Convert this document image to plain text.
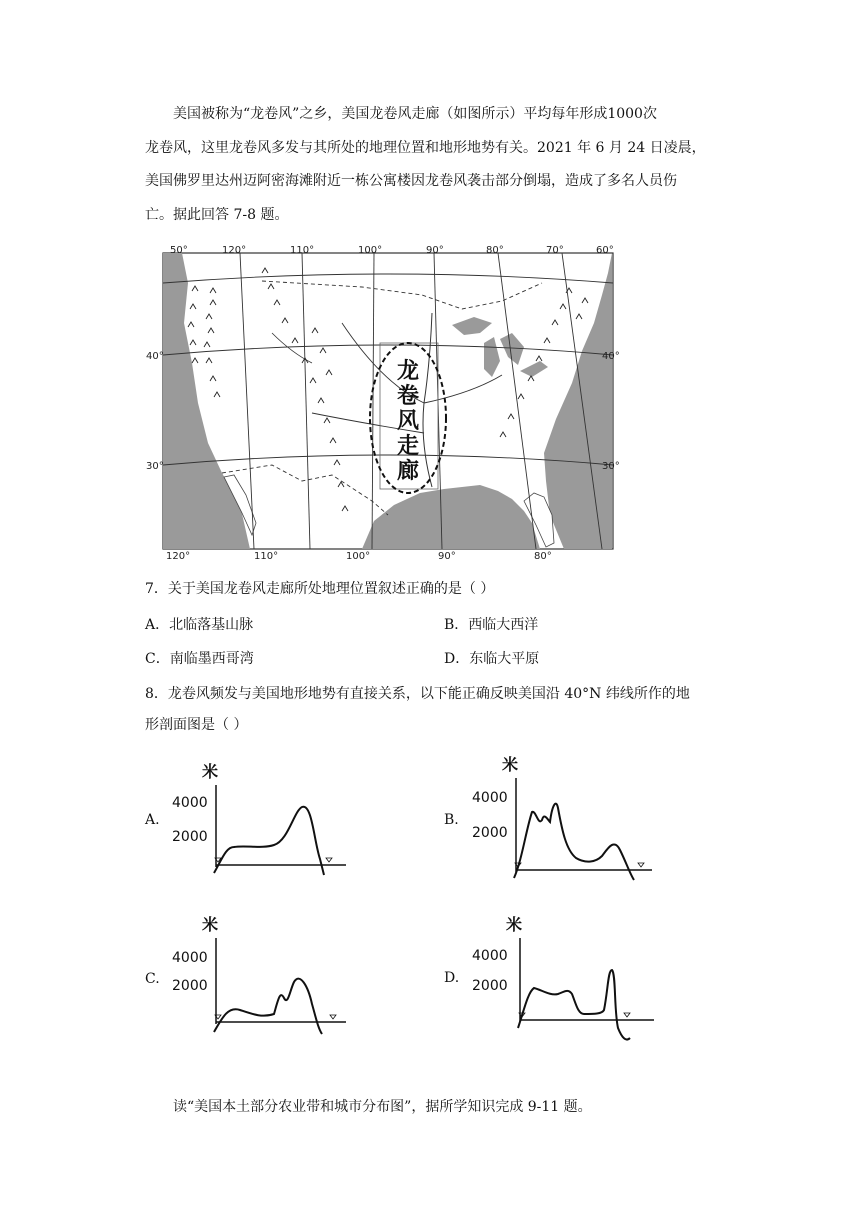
美国被称为“龙卷风”之乡，美国龙卷风走廊（如图所示）平均每年形成1000次

龙卷风，这里龙卷风多发与其所处的地理位置和地形地势有关。2021 年 6 月 24 日凌晨，

美国佛罗里达州迈阿密海滩附近一栋公寓楼因龙卷风袭击部分倒塌，造成了多名人员伤

亡。据此回答 7-8 题。

龙
卷
风
走
廊
50°	120°	110°	100°	90°	80°	70°	60°
120°	110°	100°	90°	80°
40°
30°
40°
30°
7．关于美国龙卷风走廊所处地理位置叙述正确的是（ ）
A．北临落基山脉	B．西临大西洋
C．南临墨西哥湾	D．东临大平原
8．龙卷风频发与美国地形地势有直接关系，以下能正确反映美国沿 40°N 纬线所作的地
形剖面图是（ ）
A.
米
4000
2000
B.
米
4000
2000
C.
米
4000
2000	D.
米
4000
2000
读“美国本土部分农业带和城市分布图”，据所学知识完成 9-11 题。
